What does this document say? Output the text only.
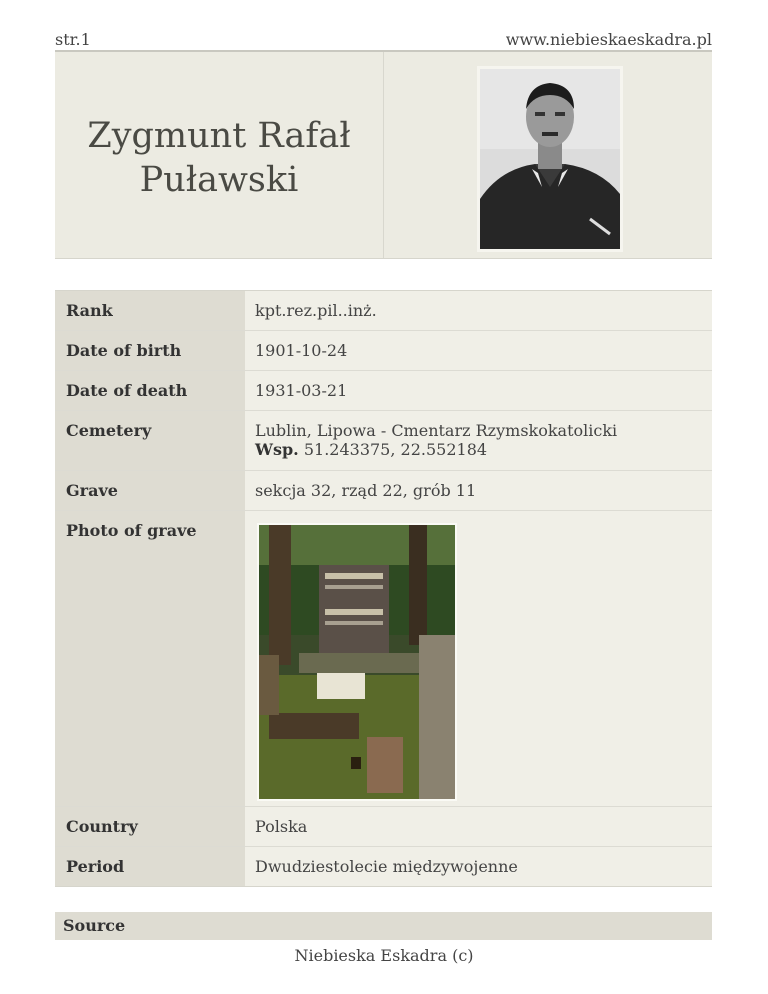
str.1	www.niebieskaeskadra.pl
Zygmunt Rafał Puławski
Rank	kpt.rez.pil..inż.
Date of birth	1901-10-24
Date of death	1931-03-21
Cemetery	Lublin, Lipowa - Cmentarz Rzymskokatolicki
Wsp. 51.243375, 22.552184
Grave	sekcja 32, rząd 22, grób 11
Photo of grave
Country	Polska
Period	Dwudziestolecie międzywojenne
Source
Niebieska Eskadra (c)
